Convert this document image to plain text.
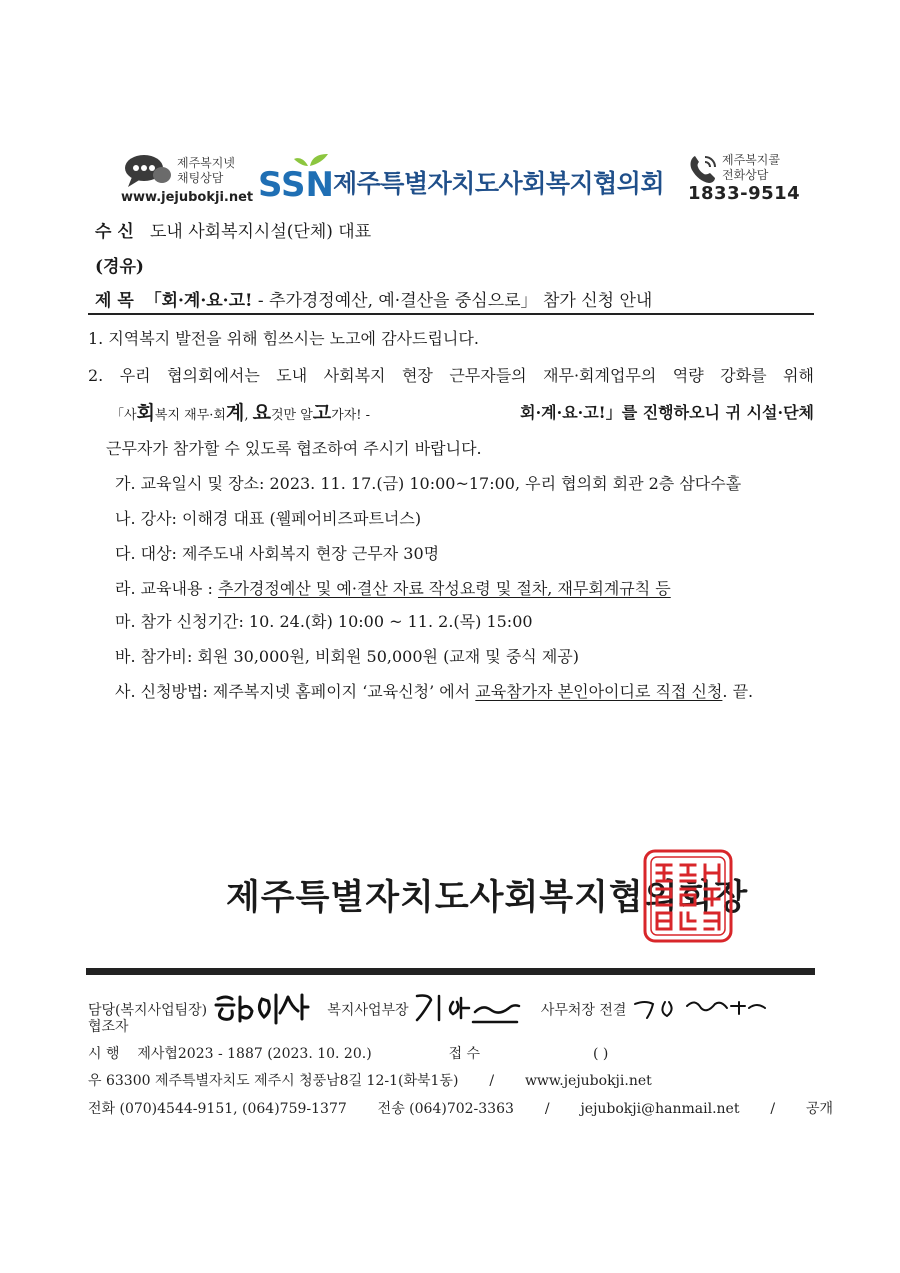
제주복지넷
채팅상담
www.jejubokji.net SSN 제주특별자치도사회복지협의회
제주복지콜
전화상담
1833-9514
수 신 도내 사회복지시설(단체) 대표
(경유)
제 목 「회·계·요·고! - 추가경정예산, 예·결산을 중심으로」 참가 신청 안내
1. 지역복지 발전을 위해 힘쓰시는 노고에 감사드립니다.
2. 우리 협의회에서는 도내 사회복지 현장 근무자들의 재무·회계업무의 역량 강화를 위해
「사회복지 재무·회계, 요것만 알고가자! -	회·계·요·고!」를 진행하오니 귀 시설·단체
근무자가 참가할 수 있도록 협조하여 주시기 바랍니다.
가. 교육일시 및 장소: 2023. 11. 17.(금) 10:00~17:00, 우리 협의회 회관 2층 삼다수홀
나. 강사: 이해경 대표 (웰페어비즈파트너스)
다. 대상: 제주도내 사회복지 현장 근무자 30명
라. 교육내용 : 추가경정예산 및 예·결산 자료 작성요령 및 절차, 재무회계규칙 등
마. 참가 신청기간: 10. 24.(화) 10:00 ~ 11. 2.(목) 15:00
바. 참가비: 회원 30,000원, 비회원 50,000원 (교재 및 중식 제공)
사. 신청방법: 제주복지넷 홈페이지 ‘교육신청’ 에서 교육참가자 본인아이디로 직접 신청. 끝.
제주특별자치도사회복지협의회장
담당(복지사업팀장)	복지사업부장	사무처장 전결
협조자
시 행 제사협2023 - 1887 (2023. 10. 20.)	접 수	( )
우 63300 제주특별자치도 제주시 청풍남8길 12-1(화북1동) / www.jejubokji.net
전화 (070)4544-9151, (064)759-1377 전송 (064)702-3363 / jejubokji@hanmail.net / 공개
